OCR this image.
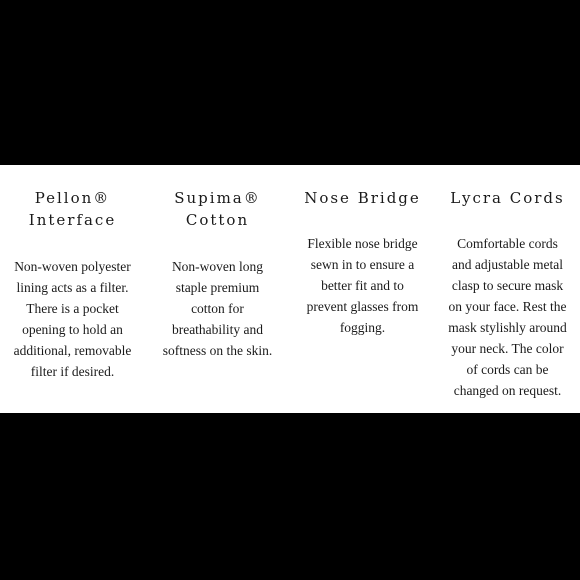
Pellon®
Interface

Non-woven polyester
lining acts as a filter.
There is a pocket
opening to hold an
additional, removable
filter if desired.

Supima®
Cotton

Non-woven long
staple premium
cotton for
breathability and
softness on the skin.

Nose Bridge

Flexible nose bridge
sewn in to ensure a
better fit and to
prevent glasses from
fogging.

Lycra Cords

Comfortable cords
and adjustable metal
clasp to secure mask
on your face. Rest the
mask stylishly around
your neck. The color
of cords can be
changed on request.
